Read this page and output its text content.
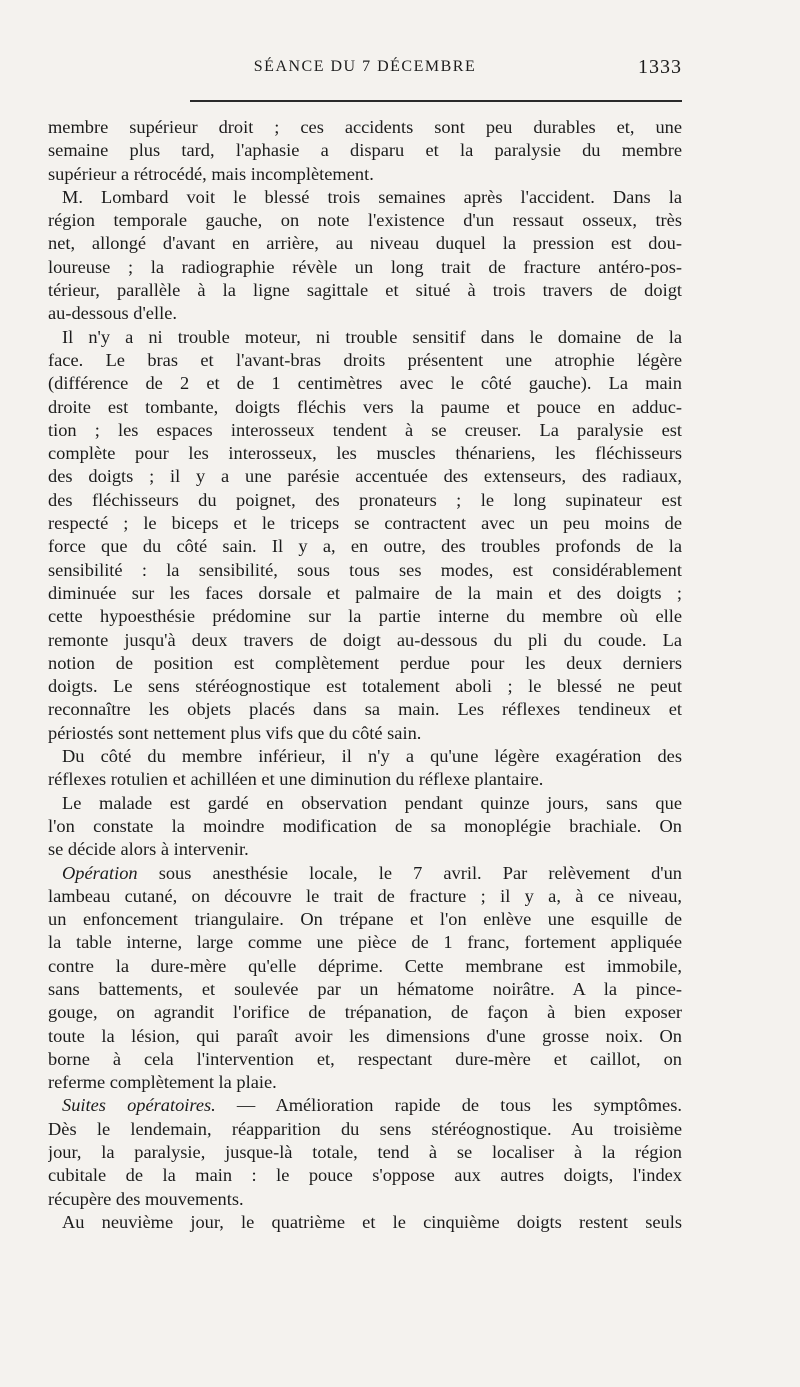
SÉANCE DU 7 DÉCEMBRE	1333
membre supérieur droit ; ces accidents sont peu durables et, une
semaine plus tard, l'aphasie a disparu et la paralysie du membre
supérieur a rétrocédé, mais incomplètement.
M. Lombard voit le blessé trois semaines après l'accident. Dans la
région temporale gauche, on note l'existence d'un ressaut osseux, très
net, allongé d'avant en arrière, au niveau duquel la pression est dou-
loureuse ; la radiographie révèle un long trait de fracture antéro-pos-
térieur, parallèle à la ligne sagittale et situé à trois travers de doigt
au-dessous d'elle.
Il n'y a ni trouble moteur, ni trouble sensitif dans le domaine de la
face. Le bras et l'avant-bras droits présentent une atrophie légère
(différence de 2 et de 1 centimètres avec le côté gauche). La main
droite est tombante, doigts fléchis vers la paume et pouce en adduc-
tion ; les espaces interosseux tendent à se creuser. La paralysie est
complète pour les interosseux, les muscles thénariens, les fléchisseurs
des doigts ; il y a une parésie accentuée des extenseurs, des radiaux,
des fléchisseurs du poignet, des pronateurs ; le long supinateur est
respecté ; le biceps et le triceps se contractent avec un peu moins de
force que du côté sain. Il y a, en outre, des troubles profonds de la
sensibilité : la sensibilité, sous tous ses modes, est considérablement
diminuée sur les faces dorsale et palmaire de la main et des doigts ;
cette hypoesthésie prédomine sur la partie interne du membre où elle
remonte jusqu'à deux travers de doigt au-dessous du pli du coude. La
notion de position est complètement perdue pour les deux derniers
doigts. Le sens stéréognostique est totalement aboli ; le blessé ne peut
reconnaître les objets placés dans sa main. Les réflexes tendineux et
périostés sont nettement plus vifs que du côté sain.
Du côté du membre inférieur, il n'y a qu'une légère exagération des
réflexes rotulien et achilléen et une diminution du réflexe plantaire.
Le malade est gardé en observation pendant quinze jours, sans que
l'on constate la moindre modification de sa monoplégie brachiale. On
se décide alors à intervenir.
Opération sous anesthésie locale, le 7 avril. Par relèvement d'un
lambeau cutané, on découvre le trait de fracture ; il y a, à ce niveau,
un enfoncement triangulaire. On trépane et l'on enlève une esquille de
la table interne, large comme une pièce de 1 franc, fortement appliquée
contre la dure-mère qu'elle déprime. Cette membrane est immobile,
sans battements, et soulevée par un hématome noirâtre. A la pince-
gouge, on agrandit l'orifice de trépanation, de façon à bien exposer
toute la lésion, qui paraît avoir les dimensions d'une grosse noix. On
borne à cela l'intervention et, respectant dure-mère et caillot, on
referme complètement la plaie.
Suites opératoires. — Amélioration rapide de tous les symptômes.
Dès le lendemain, réapparition du sens stéréognostique. Au troisième
jour, la paralysie, jusque-là totale, tend à se localiser à la région
cubitale de la main : le pouce s'oppose aux autres doigts, l'index
récupère des mouvements.
Au neuvième jour, le quatrième et le cinquième doigts restent seuls
